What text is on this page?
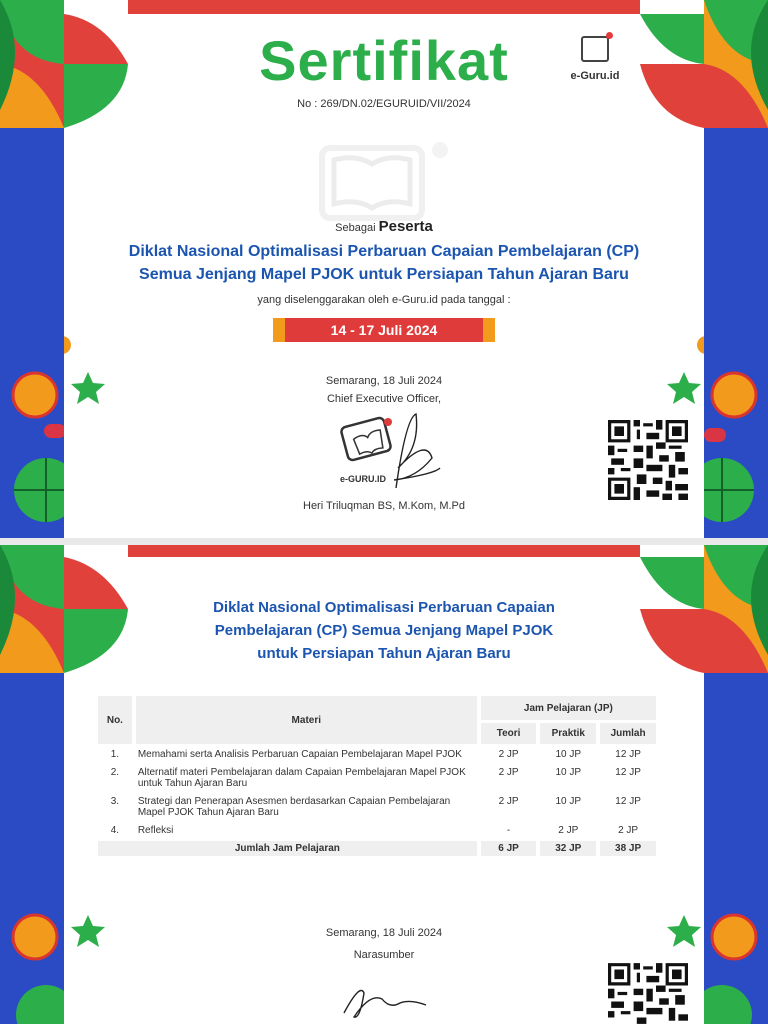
Sertifikat	e-Guru.id
No : 269/DN.02/EGURUID/VII/2024
Sebagai Peserta
Diklat Nasional Optimalisasi Perbaruan Capaian Pembelajaran (CP)
Semua Jenjang Mapel PJOK untuk Persiapan Tahun Ajaran Baru
yang diselenggarakan oleh e-Guru.id pada tanggal :
14 - 17 Juli 2024
Semarang, 18 Juli 2024
Chief Executive Officer,
e-GURU.ID
Heri Triluqman BS, M.Kom, M.Pd
Diklat Nasional Optimalisasi Perbaruan Capaian
Pembelajaran (CP) Semua Jenjang Mapel PJOK
untuk Persiapan Tahun Ajaran Baru
No.	Materi	Jam Pelajaran (JP)		
		Teori	Praktik	Jumlah
1.	Memahami serta Analisis Perbaruan Capaian Pembelajaran Mapel PJOK	2 JP	10 JP	12 JP
2.	Alternatif materi Pembelajaran dalam Capaian Pembelajaran Mapel PJOK untuk Tahun Ajaran Baru	2 JP	10 JP	12 JP
3.	Strategi dan Penerapan Asesmen berdasarkan Capaian Pembelajaran Mapel PJOK Tahun Ajaran Baru	2 JP	10 JP	12 JP
4.	Refleksi	-	2 JP	2 JP
Jumlah Jam Pelajaran		6 JP	32 JP	38 JP
Semarang, 18 Juli 2024
Narasumber
